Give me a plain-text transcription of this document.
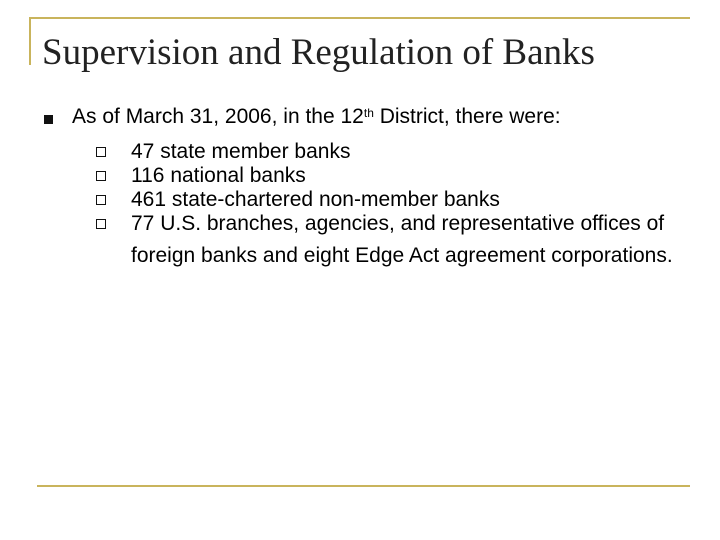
Supervision and Regulation of Banks

As of March 31, 2006, in the 12th District, there were:

47 state member banks
116 national banks
461 state-chartered non-member banks
77 U.S. branches, agencies, and representative offices of foreign banks and eight Edge Act agreement corporations.
